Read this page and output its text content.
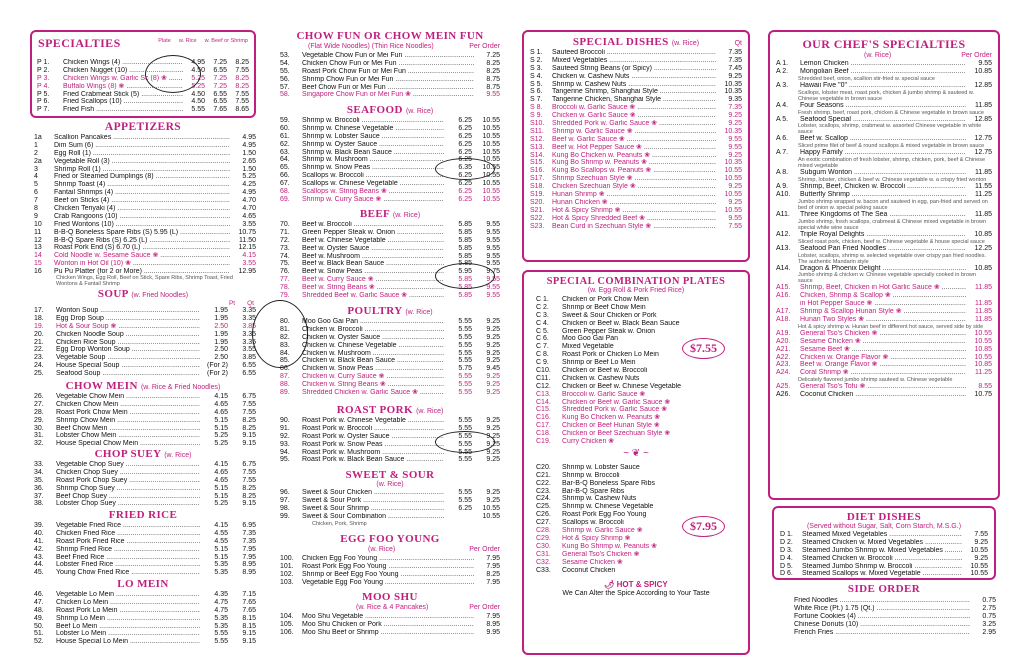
SPECIALTIES	Plate w. Rice w. Beef or Shrimp
P 1.	Chicken Wings (4) .....	4.95	7.25	8.25
P 2.	Chicken Nugget (10) .....	4.50	6.55	7.55
P 3.	Chicken Wings w. Garlic Sc (8) ❀ .....	5.25	7.25	8.25
P 4.	Buffalo Wings (8) ❀ .....	5.25	7.25	8.25
P 5.	Fried Crabmeat Stick (5) .....	4.50	6.55	7.55
P 6.	Fried Scallops (10) .....	4.50	6.55	7.55
P 7.	Fried Fish .....	5.55	7.65	8.65
APPETIZERS
1a	Scallion Pancakes .....	4.95
1	Dim Sum (6) .....	4.95
2	Egg Roll (1) .....	1.50
2a	Vegetable Roll (3) .....	2.65
3	Shrimp Roll (1) .....	1.50
4	Fried or Steamed Dumplings (8) .....	5.25
5	Shrimp Toast (4) .....	4.25
6	Fantail Shrimps (4) .....	4.95
7	Beef on Sticks (4) .....	4.70
8	Chicken Teriyaki (4) .....	4.70
9	Crab Rangoons (10) .....	4.65
10	Fried Wontons (10) .....	3.55
11	B-B-Q Boneless Spare Ribs (S) 5.95 (L) .....	10.75
12	B-B-Q Spare Ribs (S) 6.25 (L) .....	11.50
13	Roast Pork End (S) 6.70 (L) .....	12.15
14	Cold Noodle w. Sesame Sauce ❀ .....	4.15
15	Wonton in Hot Oil (10) ❀ .....	3.55
16	Pu Pu Platter (for 2 or More) .....	12.95
Chicken Wings, Egg Roll, Beef on Stick, Spare Ribs, Shrimp Toast, Fried Wontons & Fantail Shrimp
SOUP (w. Fried Noodles)
Pt Qt
17.	Wonton Soup .....	1.95	3.35
18.	Egg Drop Soup .....	1.95	3.35
19.	Hot & Sour Soup ❀ .....	2.50	3.85
20.	Chicken Noodle Soup .....	1.95	3.35
21.	Chicken Rice Soup .....	1.95	3.35
22.	Egg Drop Wonton Soup .....	2.50	3.55
23.	Vegetable Soup .....	2.50	3.85
24.	House Special Soup .....	(For 2)	6.55
25.	Seafood Soup .....	(For 2)	6.55
CHOW MEIN (w. Rice & Fried Noodles)
26.	Vegetable Chow Mein .....	4.15	6.75
27.	Chicken Chow Mein .....	4.65	7.55
28.	Roast Pork Chow Mein .....	4.65	7.55
29.	Shrimp Chow Mein .....	5.15	8.25
30.	Beef Chow Mein .....	5.15	8.25
31.	Lobster Chow Mein .....	5.25	9.15
32.	House Special Chow Mein .....	5.25	9.15
CHOP SUEY (w. Rice)
33.	Vegetable Chop Suey .....	4.15	6.75
34.	Chicken Chop Suey .....	4.65	7.55
35.	Roast Pork Chop Suey .....	4.65	7.55
36.	Shrimp Chop Suey .....	5.15	8.25
37.	Beef Chop Suey .....	5.15	8.25
38.	Lobster Chop Suey .....	5.25	9.15
FRIED RICE
39.	Vegetable Fried Rice .....	4.15	6.95
40.	Chicken Fried Rice .....	4.55	7.35
41.	Roast Pork Fried Rice .....	4.55	7.35
42.	Shrimp Fried Rice .....	5.15	7.95
43.	Beef Fried Rice .....	5.15	7.95
44.	Lobster Fried Rice .....	5.35	8.95
45.	Young Chow Fried Rice .....	5.35	8.95
LO MEIN
46.	Vegetable Lo Mein .....	4.35	7.15
47.	Chicken Lo Mein .....	4.75	7.65
48.	Roast Pork Lo Mein .....	4.75	7.65
49.	Shrimp Lo Mein .....	5.35	8.15
50.	Beef Lo Mein .....	5.35	8.15
51.	Lobster Lo Mein .....	5.55	9.15
52.	House Special Lo Mein .....	5.55	9.15
CHOW FUN OR CHOW MEIN FUN
(Flat Wide Noodles) (Thin Rice Noodles)	Per Order
53.	Vegetable Chow Fun or Mei Fun .....	7.25
54.	Chicken Chow Fun or Mei Fun .....	8.25
55.	Roast Pork Chow Fun or Mei Fun .....	8.25
56.	Shrimp Chow Fun or Mei Fun .....	8.75
57.	Beef Chow Fun or Mei Fun .....	8.75
58.	Singapore Chow Fun or Mei Fun ❀ .....	9.55
SEAFOOD (w. Rice)
59.	Shrimp w. Broccoli .....	6.25	10.55
60.	Shrimp w. Chinese Vegetable .....	6.25	10.55
61.	Shrimp w. Lobster Sauce .....	6.25	10.55
62.	Shrimp w. Oyster Sauce .....	6.25	10.55
63.	Shrimp w. Black Bean Sauce .....	6.25	10.55
64.	Shrimp w. Mushroom .....	6.25	10.55
65.	Shrimp w. Snow Peas .....	6.35	10.55
66.	Scallops w. Broccoli .....	6.25	10.55
67.	Scallops w. Chinese Vegetable .....	6.25	10.55
68.	Scallops w. String Beans ❀ .....	6.25	10.55
69.	Shrimp w. Curry Sauce ❀ .....	6.25	10.55
BEEF (w. Rice)
70.	Beef w. Broccoli .....	5.85	9.55
71.	Green Pepper Steak w. Onion .....	5.85	9.55
72.	Beef w. Chinese Vegetable .....	5.85	9.55
73.	Beef w. Oyster Sauce .....	5.85	9.55
74.	Beef w. Mushroom .....	5.85	9.55
75.	Beef w. Black Bean Sauce .....	5.85	9.55
76.	Beef w. Snow Peas .....	5.95	9.75
77.	Beef w. Curry Sauce ❀ .....	5.85	9.55
78.	Beef w. String Beans ❀ .....	5.85	9.55
79.	Shredded Beef w. Garlic Sauce ❀ .....	5.85	9.55
POULTRY (w. Rice)
80.	Moo Goo Gai Pan .....	5.55	9.25
81.	Chicken w. Broccoli .....	5.55	9.25
82.	Chicken w. Oyster Sauce .....	5.55	9.25
83.	Chicken w. Chinese Vegetable .....	5.55	9.25
84.	Chicken w. Mushroom .....	5.55	9.25
85.	Chicken w. Black Bean Sauce .....	5.55	9.25
86.	Chicken w. Snow Peas .....	5.75	9.45
87.	Chicken w. Curry Sauce ❀ .....	5.55	9.25
88.	Chicken w. String Beans ❀ .....	5.55	9.25
89.	Shredded Chicken w. Garlic Sauce ❀ .....	5.55	9.25
ROAST PORK (w. Rice)
90.	Roast Pork w. Chinese Vegetable .....	5.55	9.25
91.	Roast Pork w. Broccoli .....	5.55	9.25
92.	Roast Pork w. Oyster Sauce .....	5.55	9.25
93.	Roast Pork w. Snow Peas .....	5.55	9.25
94.	Roast Pork w. Mushroom .....	5.55	9.25
95.	Roast Pork w. Black Bean Sauce .....	5.55	9.25
SWEET & SOUR
(w. Rice)
96.	Sweet & Sour Chicken .....	5.55	9.25
97.	Sweet & Sour Pork .....	5.55	9.25
98.	Sweet & Sour Shrimp .....	6.25	10.55
99.	Sweet & Sour Combination .....	10.55
Chicken, Pork, Shrimp
EGG FOO YOUNG
(w. Rice)	Per Order
100.	Chicken Egg Foo Young .....	7.95
101.	Roast Pork Egg Foo Young .....	7.95
102.	Shrimp or Beef Egg Foo Young .....	8.25
103.	Vegetable Egg Foo Young .....	7.95
MOO SHU
(w. Rice & 4 Pancakes)	Per Order
104.	Moo Shu Vegetable .....	7.95
105.	Moo Shu Chicken or Pork .....	8.95
106.	Moo Shu Beef or Shrimp .....	9.95
SPECIAL DISHES (w. Rice)	Qt
S 1.	Sauteed Broccoli .....	7.35
S 2.	Mixed Vegetables .....	7.35
S 3.	Sauteed String Beans (or Spicy) .....	7.45
S 4.	Chicken w. Cashew Nuts .....	9.25
S 5.	Shrimp w. Cashew Nuts .....	10.35
S 6.	Tangerine Shrimp, Shanghai Style .....	10.35
S 7.	Tangerine Chicken, Shanghai Style .....	9.35
S 8.	Broccoli w. Garlic Sauce ❀ .....	7.35
S 9.	Chicken w. Garlic Sauce ❀ .....	9.25
S10.	Shredded Pork w. Garlic Sauce ❀ .....	9.25
S11.	Shrimp w. Garlic Sauce ❀ .....	10.35
S12.	Beef w. Garlic Sauce ❀ .....	9.55
S13.	Beef w. Hot Pepper Sauce ❀ .....	9.55
S14.	Kung Bo Chicken w. Peanuts ❀ .....	9.25
S15.	Kung Bo Shrimp w. Peanuts ❀ .....	10.35
S16.	Kung Bo Scallops w. Peanuts ❀ .....	10.55
S17.	Shrimp Szechuan Style ❀ .....	10.55
S18.	Chicken Szechuan Style ❀ .....	9.25
S19.	Hunan Shrimp ❀ .....	10.55
S20.	Hunan Chicken ❀ .....	9.25
S21.	Hot & Spicy Shrimp ❀ .....	10.55
S22.	Hot & Spicy Shredded Beef ❀ .....	9.55
S23.	Bean Curd in Szechuan Style ❀ .....	7.55
SPECIAL COMBINATION PLATES
(w. Egg Roll & Pork Fried Rice)
C 1.	Chicken or Pork Chow Mein
C 2.	Shrimp or Beef Chow Mein
C 3.	Sweet & Sour Chicken or Pork
C 4.	Chicken or Beef w. Black Bean Sauce
C 5.	Green Pepper Steak w. Onion
C 6.	Moo Goo Gai Pan
C 7.	Mixed Vegetable
C 8.	Roast Pork or Chicken Lo Mein
C 9.	Shrimp or Beef Lo Mein
C10.	Chicken or Beef w. Broccoli
C11.	Chicken w. Cashew Nuts
C12.	Chicken or Beef w. Chinese Vegetable
C13.	Broccoli w. Garlic Sauce ❀
C14.	Chicken or Beef w. Garlic Sauce ❀
C15.	Shredded Pork w. Garlic Sauce ❀
C16.	Kung Bo Chicken w. Peanuts ❀
C17.	Chicken or Beef Hunan Style ❀
C18.	Chicken or Beef Szechuan Style ❀
C19.	Curry Chicken ❀
~ ❦ ~
C20.	Shrimp w. Lobster Sauce
C21.	Shrimp w. Broccoli
C22.	Bar-B-Q Boneless Spare Ribs
C23.	Bar-B-Q Spare Ribs
C24.	Shrimp w. Cashew Nuts
C25.	Shrimp w. Chinese Vegetable
C26.	Roast Pork Egg Foo Young
C27.	Scallops w. Broccoli
C28.	Shrimp w. Garlic Sauce ❀
C29.	Hot & Spicy Shrimp ❀
C30.	Kung Bo Shrimp w. Peanuts ❀
C31.	General Tso's Chicken ❀
C32.	Sesame Chicken ❀
C33.	Coconut Chicken
🌶 HOT & SPICY
We Can Alter the Spice According to Your Taste
$7.55
$7.95
OUR CHEF'S SPECIALTIES
(w. Rice)	Per Order
A 1.	Lemon Chicken .....	9.55
A 2.	Mongolian Beef .....	10.85
Shredded beef, onion, scallion stir-fried w. special sauce
A 3.	Hawaii Five "0" .....	12.85
Scallops, lobster meat, roast pork, chicken & jumbo shrimp & sauteed w. Chinese vegetable in brown sauce
A 4.	Four Seasons .....	11.85
Fresh shrimp, beef, roast pork, chicken & Chinese vegetable in brown sauce
A 5.	Seafood Special .....	12.85
Lobster, scallops, shrimp, crabmeat w. assorted Chinese vegetable in white sauce
A 6.	Beef w. Scallop .....	12.75
Sliced prime filet of beef & round scallops & mixed vegetable in brown sauce
A 7.	Happy Family .....	12.75
An exotic combination of fresh lobster, shrimp, chicken, pork, beef & Chinese mixed vegetable
A 8.	Subgum Wonton .....	11.85
Shrimp, lobster, chicken & beef w. Chinese vegetable w. a crispy fried wonton
A 9.	Shrimp, Beef, Chicken w. Broccoli .....	11.55
A10.	Butterfly Shrimp .....	11.25
Jumbo shrimp wrapped w. bacon and sauteed in egg, pan-fried and served on bed of onion w. special peking sauce
A11.	Three Kingdoms of The Sea .....	11.85
Jumbo shrimp, fresh scallops, crabmeat & Chinese mixed vegetable in brown special white wine sauce
A12.	Triple Royal Delights .....	10.85
Sliced roast pork, chicken, beef w. Chinese vegetable & house special sauce
A13.	Seafood Pan Fried Noodles .....	12.25
Lobster, scallops, shrimp w. selected vegetable over crispy pan fried noodles. The authentic Mandarin style
A14.	Dragon & Phoenix Delight .....	10.85
Jumbo shrimp & chicken w. Chinese vegetable specially cooked in brown sauce
A15.	Shrimp, Beef, Chicken in Hot Garlic Sauce ❀ .....	11.85
A16.	Chicken, Shrimp & Scallop ❀ .....
in Hot Pepper Sauce ❀ .....	11.85
A17.	Shrimp & Scallop Hunan Style ❀ .....	11.85
A18.	Hunan Two Styles ❀ .....	11.85
Hot & spicy shrimp w. Hunan beef in different hot sauce, served side by side
A19.	General Tso's Chicken ❀ .....	10.55
A20.	Sesame Chicken ❀ .....	10.55
A21.	Sesame Beef ❀ .....	10.85
A22.	Chicken w. Orange Flavor ❀ .....	10.55
A23.	Beef w. Orange Flavor ❀ .....	10.85
A24.	Coral Shrimp ❀ .....	11.25
Delicately flavored jumbo shrimp sauteed w. Chinese vegetable
A25.	General Tso's Tofu ❀ .....	8.55
A26.	Coconut Chicken .....	10.75
DIET DISHES
(Served without Sugar, Salt, Corn Starch, M.S.G.)
D 1.	Steamed Mixed Vegetables .....	7.55
D 2.	Steamed Chicken w. Mixed Vegetables .....	9.25
D 3.	Steamed Jumbo Shrimp w. Mixed Vegetables .....	10.55
D 4.	Steamed Chicken w. Broccoli .....	9.25
D 5.	Steamed Jumbo Shrimp w. Broccoli .....	10.55
D 6.	Steamed Scallops w. Mixed Vegetable .....	10.55
SIDE ORDER
Fried Noodles .....	0.75
White Rice (Pt.) 1.75 (Qt.) .....	2.75
Fortune Cookies (4) .....	0.75
Chinese Donuts (10) .....	3.25
French Fries .....	2.95
